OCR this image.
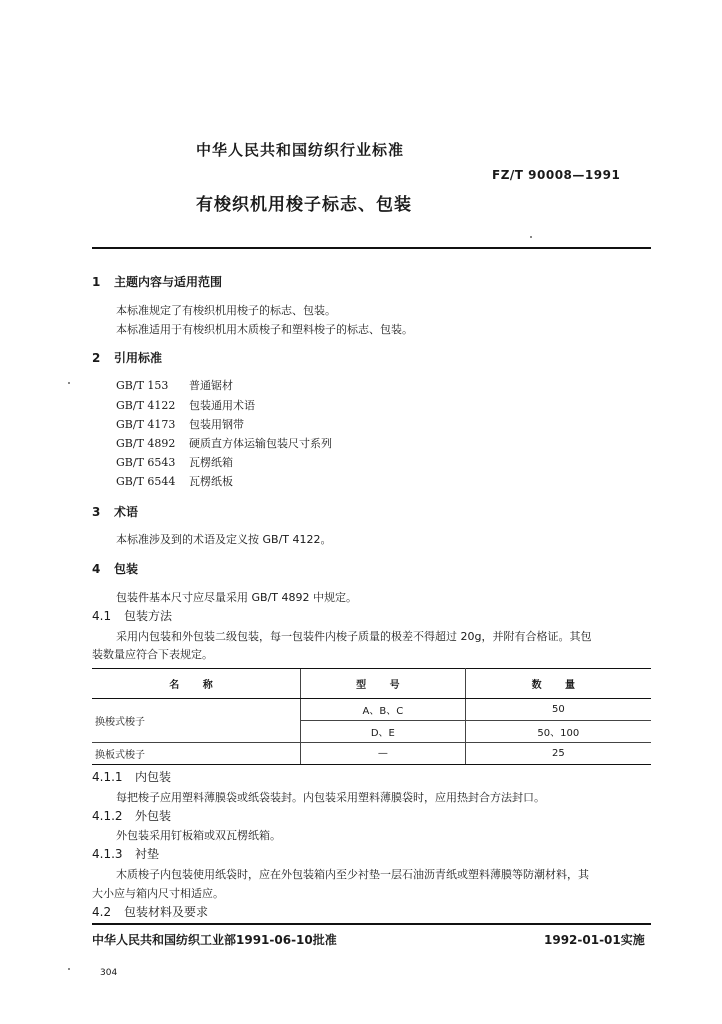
中华人民共和国纺织行业标准
FZ/T 90008—1991
有梭织机用梭子标志、包装
1 主题内容与适用范围
本标准规定了有梭织机用梭子的标志、包装。
本标准适用于有梭织机用木质梭子和塑料梭子的标志、包装。
2 引用标准
GB/T 153 普通锯材
GB/T 4122 包装通用术语
GB/T 4173 包装用钢带
GB/T 4892 硬质直方体运输包装尺寸系列
GB/T 6543 瓦楞纸箱
GB/T 6544 瓦楞纸板
3 术语
本标准涉及到的术语及定义按 GB/T 4122。
4 包装
包装件基本尺寸应尽量采用 GB/T 4892 中规定。
4.1 包装方法
采用内包装和外包装二级包装，每一包装件内梭子质量的极差不得超过 20g，并附有合格证。其包
装数量应符合下表规定。
名 称	型 号	数 量
换梭式梭子	A、B、C	50
	D、E	50、100
换板式梭子	—	25
4.1.1 内包装
每把梭子应用塑料薄膜袋或纸袋装封。内包装采用塑料薄膜袋时，应用热封合方法封口。
4.1.2 外包装
外包装采用钉板箱或双瓦楞纸箱。
4.1.3 衬垫
木质梭子内包装使用纸袋时，应在外包装箱内至少衬垫一层石油沥青纸或塑料薄膜等防潮材料，其
大小应与箱内尺寸相适应。
4.2 包装材料及要求
中华人民共和国纺织工业部1991-06-10批准	1992-01-01实施
304
